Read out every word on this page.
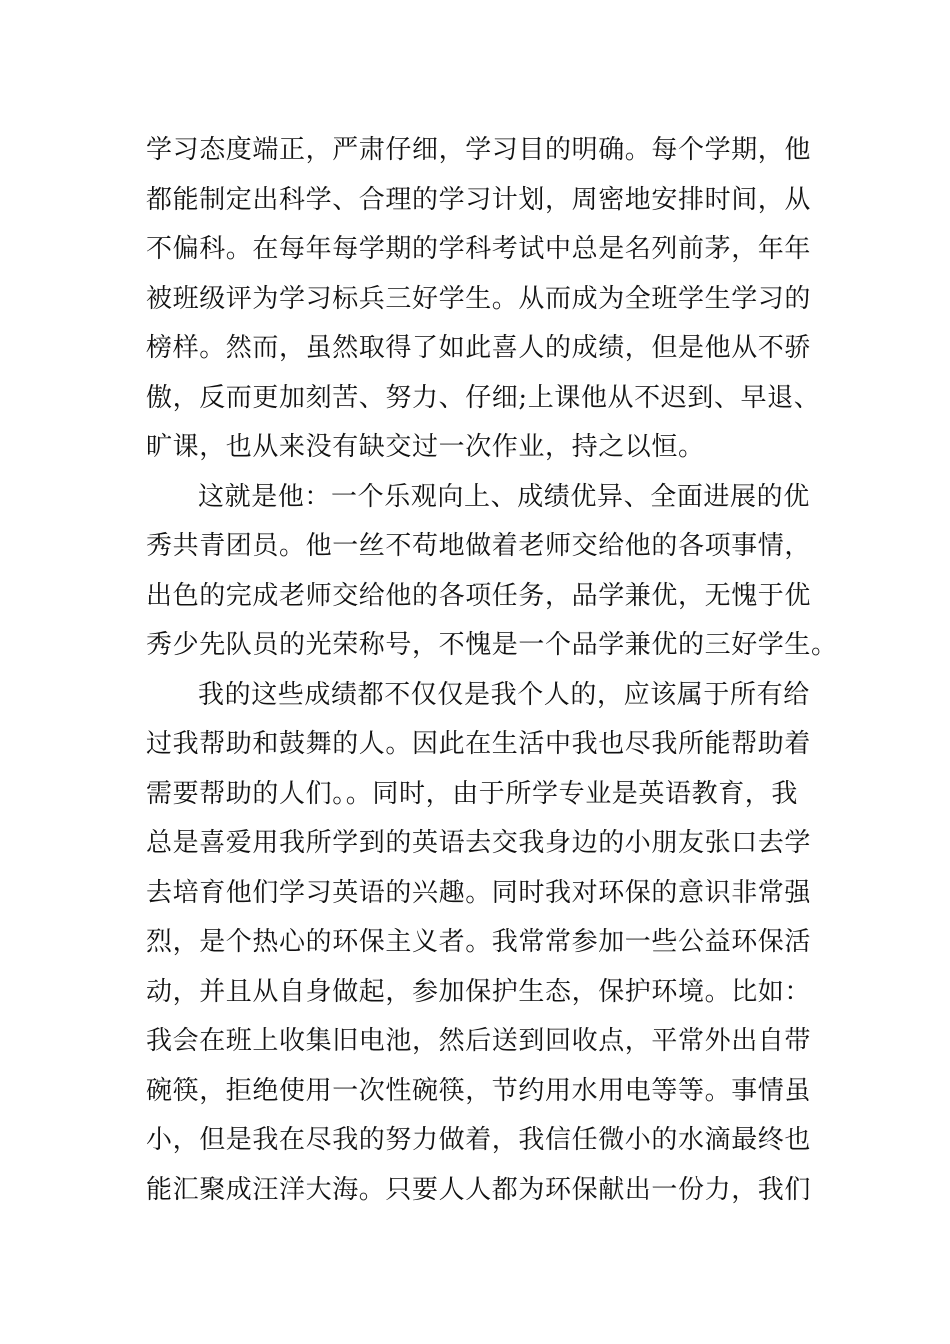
学习态度端正，严肃仔细，学习目的明确。每个学期，他
都能制定出科学、合理的学习计划，周密地安排时间，从
不偏科。在每年每学期的学科考试中总是名列前茅，年年
被班级评为学习标兵三好学生。从而成为全班学生学习的
榜样。然而，虽然取得了如此喜人的成绩，但是他从不骄
傲，反而更加刻苦、努力、仔细;上课他从不迟到、早退、
旷课，也从来没有缺交过一次作业，持之以恒。
这就是他：一个乐观向上、成绩优异、全面进展的优
秀共青团员。他一丝不苟地做着老师交给他的各项事情，
出色的完成老师交给他的各项任务，品学兼优，无愧于优
秀少先队员的光荣称号，不愧是一个品学兼优的三好学生。
我的这些成绩都不仅仅是我个人的，应该属于所有给
过我帮助和鼓舞的人。因此在生活中我也尽我所能帮助着
需要帮助的人们。。同时，由于所学专业是英语教育，我
总是喜爱用我所学到的英语去交我身边的小朋友张口去学
去培育他们学习英语的兴趣。同时我对环保的意识非常强
烈，是个热心的环保主义者。我常常参加一些公益环保活
动，并且从自身做起，参加保护生态，保护环境。比如：
我会在班上收集旧电池，然后送到回收点，平常外出自带
碗筷，拒绝使用一次性碗筷，节约用水用电等等。事情虽
小，但是我在尽我的努力做着，我信任微小的水滴最终也
能汇聚成汪洋大海。只要人人都为环保献出一份力，我们
